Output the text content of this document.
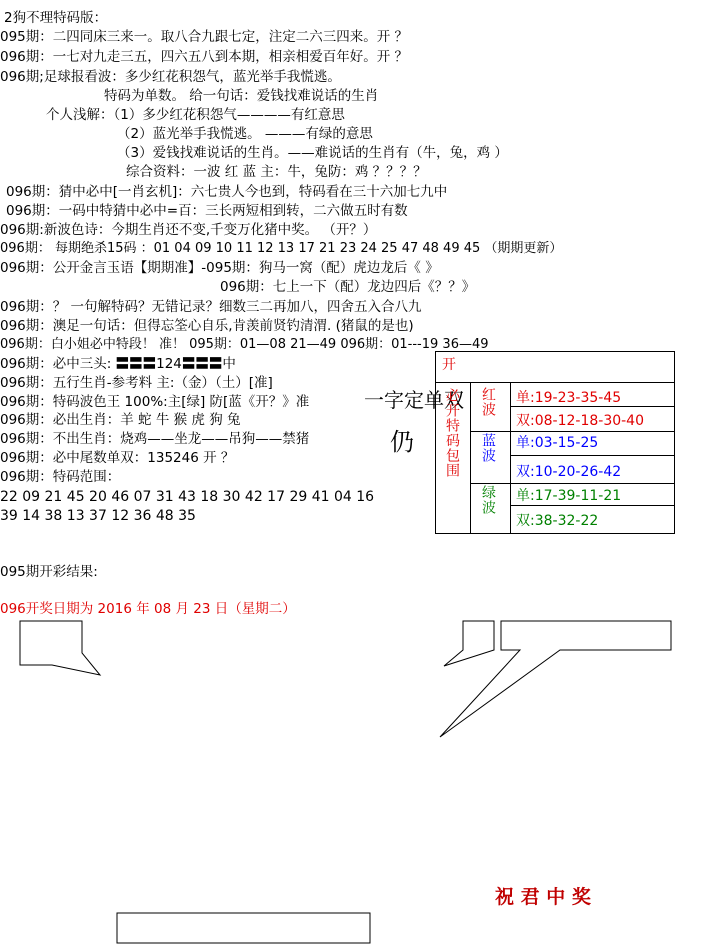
2狗不理特码版：
095期：二四同床三来一。取八合九跟七定，注定二六三四来。开 ？
096期：一七对九走三五，四六五八到本期，相亲相爱百年好。开 ？
096期;足球报看波：多少红花积怨气，蓝光举手我慌逃。
特码为单数。 给一句话：爱钱找难说话的生肖
个人浅解：（1）多少红花积怨气————有红意思
（2）蓝光举手我慌逃。 ———有绿的意思
（3）爱钱找难说话的生肖。——难说话的生肖有（牛，兔，鸡 ）
综合资料：一波 红 蓝 主：牛，兔防：鸡 ？？？？
096期：猜中必中[一肖玄机]：六七贵人今也到，特码看在三十六加七九中
096期：一码中特猜中必中=百：三长两短相到转，二六做五时有数
096期:新波色诗：今期生肖还不变,千变万化猪中奖。 （开？）
096期： 每期绝杀15码 ：01 04 09 10 11 12 13 17 21 23 24 25 47 48 49 45 （期期更新）
096期：公开金言玉语【期期准】-095期：狗马一窝（配）虎边龙后《 》
096期：七上一下（配）龙边四后《？？》
096期：？ 一句解特码？无错记录？细数三二再加八，四舍五入合八九
096期：澳足一句话：但得忘筌心自乐,肯羡前贤钓清渭. (猪鼠的是也)
096期：白小姐必中特段！ 准！ 095期：01—08 21—49 096期：01---19 36—49
096期：必中三头: 〓〓〓124〓〓〓中
096期：五行生肖-参考料 主:（金）（土）[准]
096期：特码波色王 100%:主[绿] 防[蓝《开？》准
096期：必出生肖：羊 蛇 牛 猴 虎 狗 兔
096期：不出生肖：烧鸡——坐龙——吊狗——禁猪
096期：必中尾数单双：135246 开 ？
096期：特码范围：
22 09 21 45 20 46 07 31 43 18 30 42 17 29 41 04 16
39 14 38 13 37 12 36 48 35
一字定单双
仍
开
必开特码包围 红波 单:19-23-35-45
双:08-12-18-30-40
蓝波 单:03-15-25
双:10-20-26-42
绿波 单:17-39-11-21
双:38-32-22
095期开彩结果:
096开奖日期为 2016 年 08 月 23 日（星期二）
祝 君 中 奖
